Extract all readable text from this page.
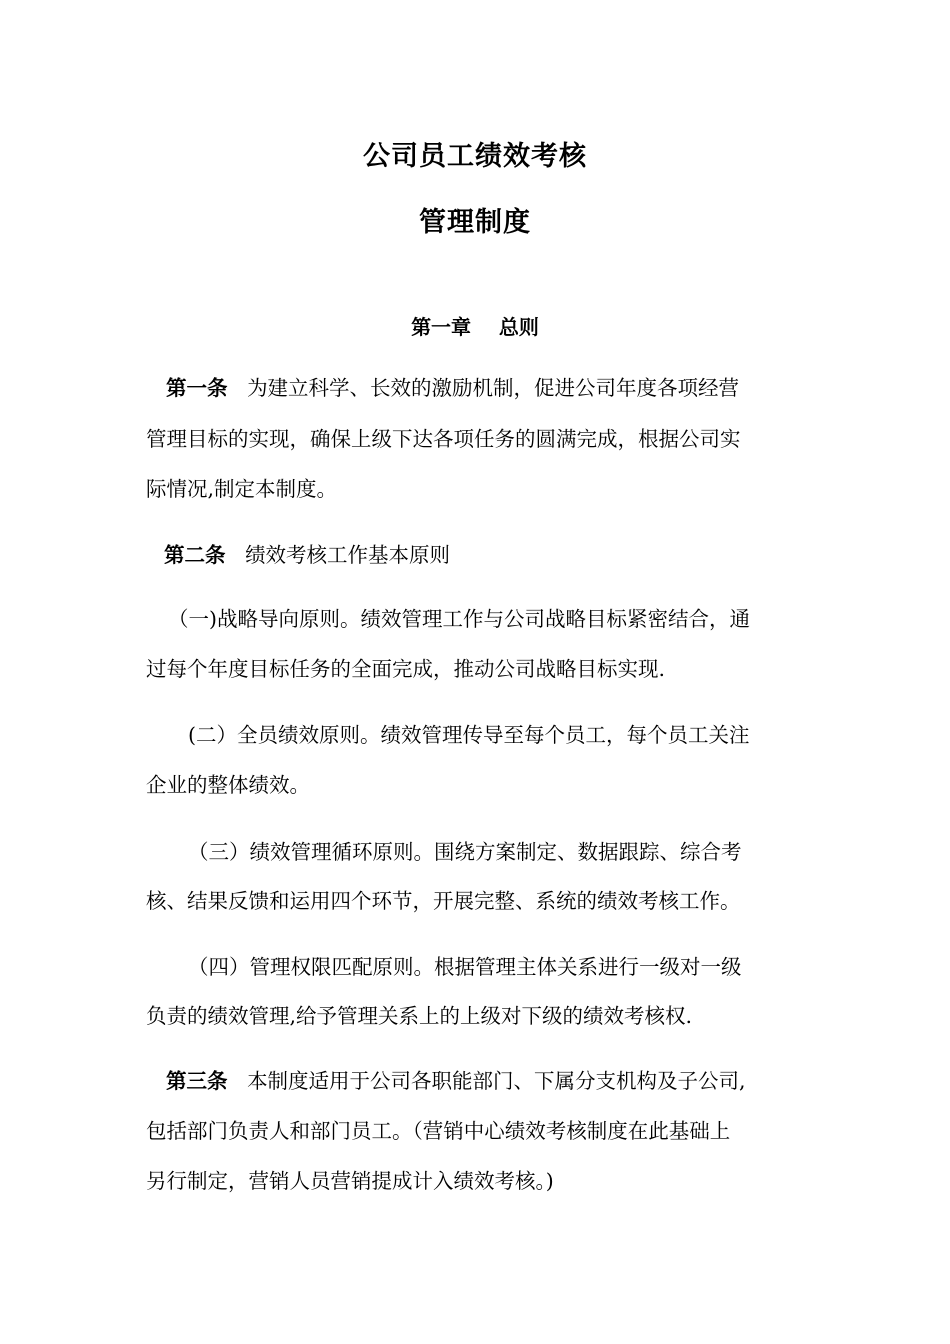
公司员工绩效考核
管理制度
第一章 总则
第一条 为建立科学、长效的激励机制，促进公司年度各项经营
管理目标的实现，确保上级下达各项任务的圆满完成，根据公司实
际情况,制定本制度。
第二条 绩效考核工作基本原则
（一)战略导向原则。绩效管理工作与公司战略目标紧密结合，通
过每个年度目标任务的全面完成，推动公司战略目标实现.
(二）全员绩效原则。绩效管理传导至每个员工，每个员工关注
企业的整体绩效。
（三）绩效管理循环原则。围绕方案制定、数据跟踪、综合考
核、结果反馈和运用四个环节，开展完整、系统的绩效考核工作。
（四）管理权限匹配原则。根据管理主体关系进行一级对一级
负责的绩效管理,给予管理关系上的上级对下级的绩效考核权.
第三条 本制度适用于公司各职能部门、下属分支机构及子公司,
包括部门负责人和部门员工。（营销中心绩效考核制度在此基础上
另行制定，营销人员营销提成计入绩效考核。)
